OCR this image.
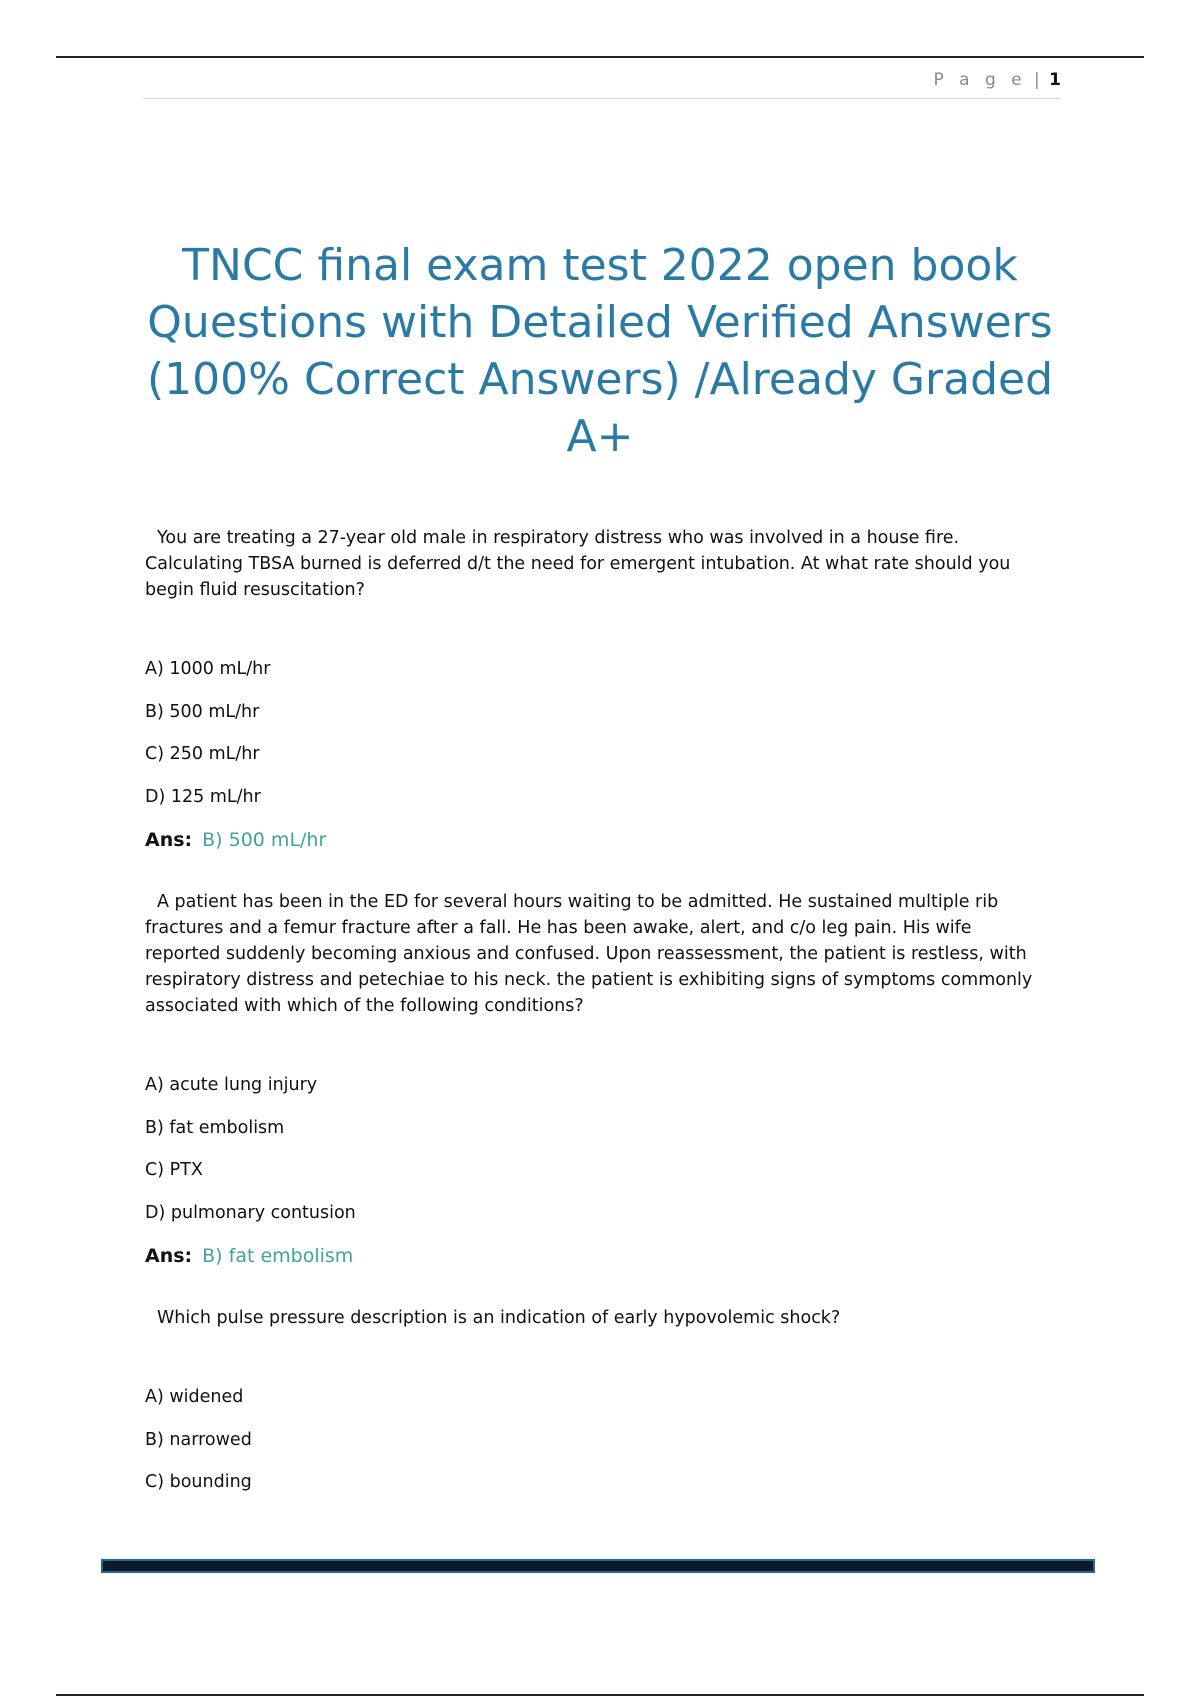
P a g e | 1
TNCC final exam test 2022 open book Questions with Detailed Verified Answers (100% Correct Answers) /Already Graded A+

You are treating a 27-year old male in respiratory distress who was involved in a house fire. Calculating TBSA burned is deferred d/t the need for emergent intubation. At what rate should you begin fluid resuscitation?

A) 1000 mL/hr
B) 500 mL/hr
C) 250 mL/hr
D) 125 mL/hr
Ans: B) 500 mL/hr

A patient has been in the ED for several hours waiting to be admitted. He sustained multiple rib fractures and a femur fracture after a fall. He has been awake, alert, and c/o leg pain. His wife reported suddenly becoming anxious and confused. Upon reassessment, the patient is restless, with respiratory distress and petechiae to his neck. the patient is exhibiting signs of symptoms commonly associated with which of the following conditions?

A) acute lung injury
B) fat embolism
C) PTX
D) pulmonary contusion
Ans: B) fat embolism

Which pulse pressure description is an indication of early hypovolemic shock?

A) widened
B) narrowed
C) bounding
